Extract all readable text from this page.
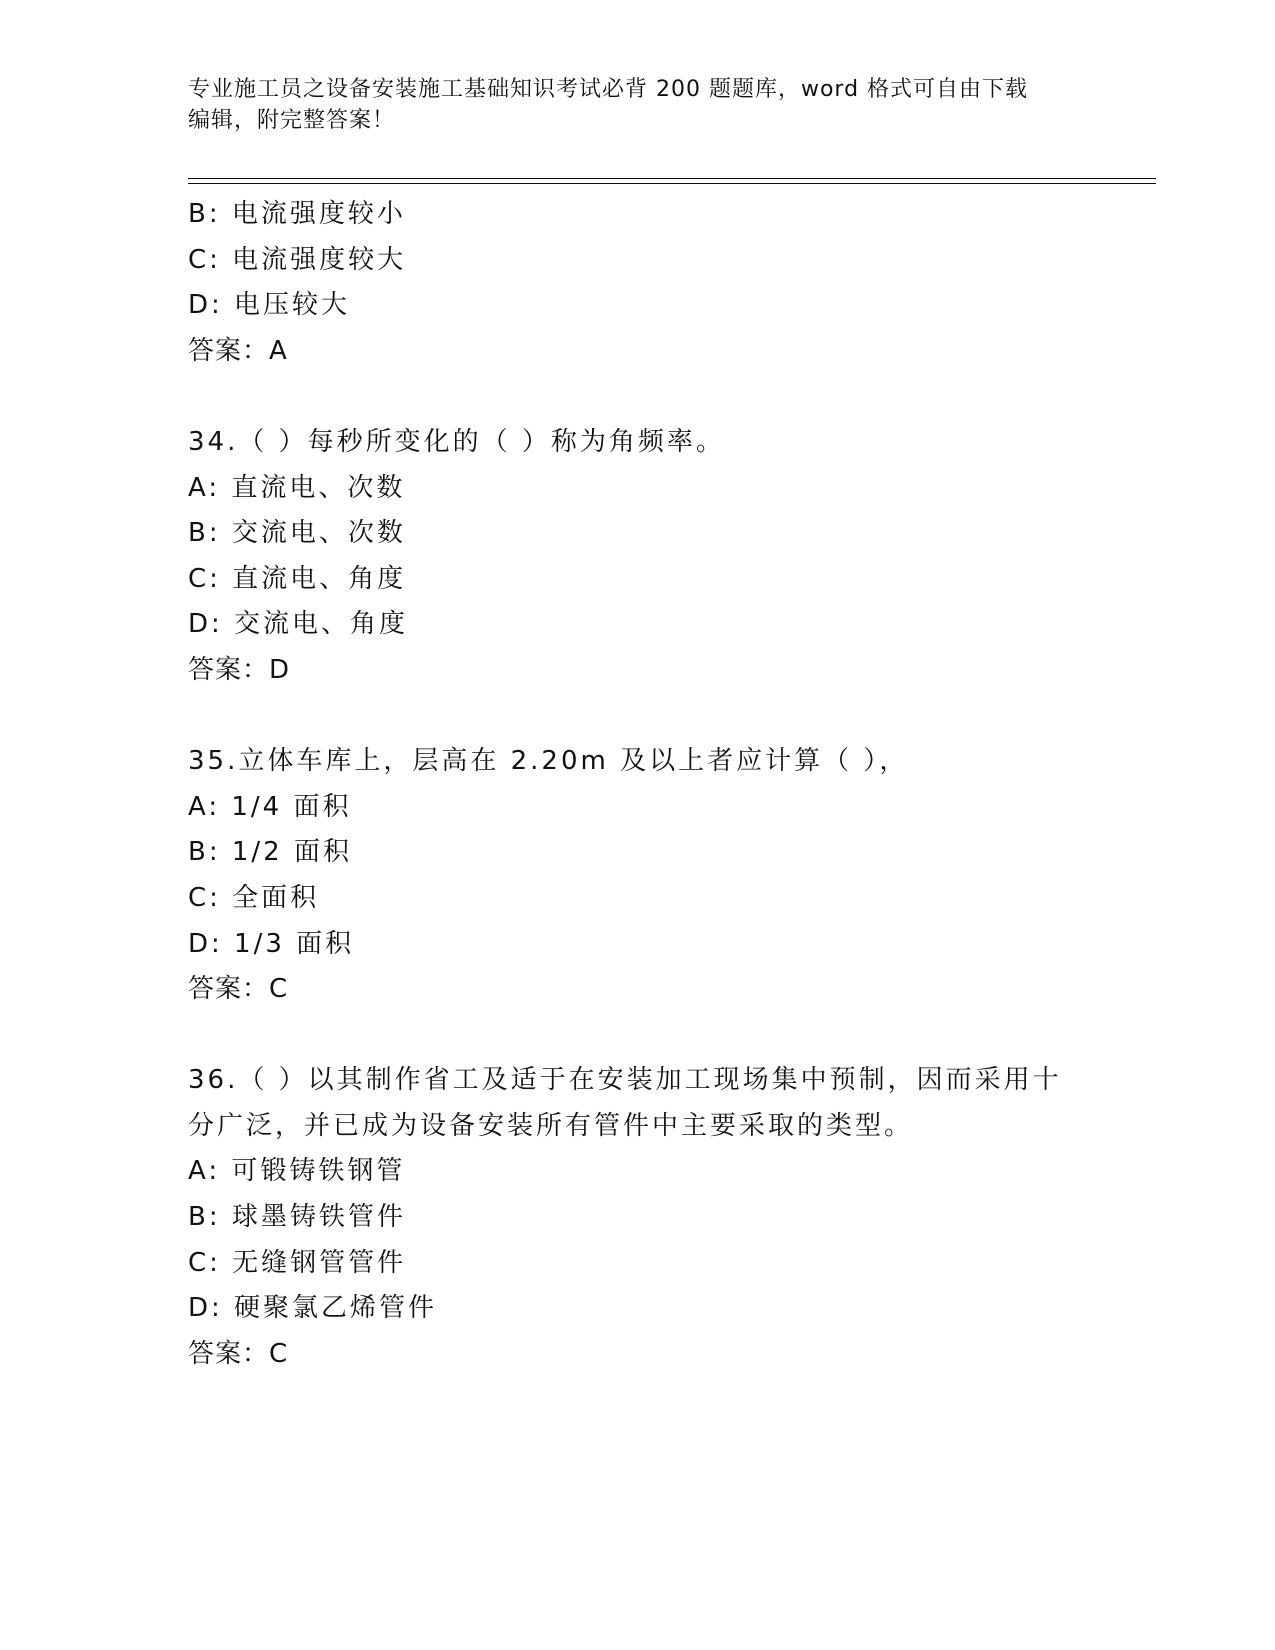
专业施工员之设备安装施工基础知识考试必背 200 题题库，word 格式可自由下载
编辑，附完整答案！
B: 电流强度较小
C: 电流强度较大
D: 电压较大
答案：A
34.（ ）每秒所变化的（ ）称为角频率。
A: 直流电、次数
B: 交流电、次数
C: 直流电、角度
D: 交流电、角度
答案：D
35.立体车库上，层高在 2.20m 及以上者应计算（ ），
A: 1/4 面积
B: 1/2 面积
C: 全面积
D: 1/3 面积
答案：C
36.（ ）以其制作省工及适于在安装加工现场集中预制，因而采用十
分广泛，并已成为设备安装所有管件中主要采取的类型。
A: 可锻铸铁钢管
B: 球墨铸铁管件
C: 无缝钢管管件
D: 硬聚氯乙烯管件
答案：C
